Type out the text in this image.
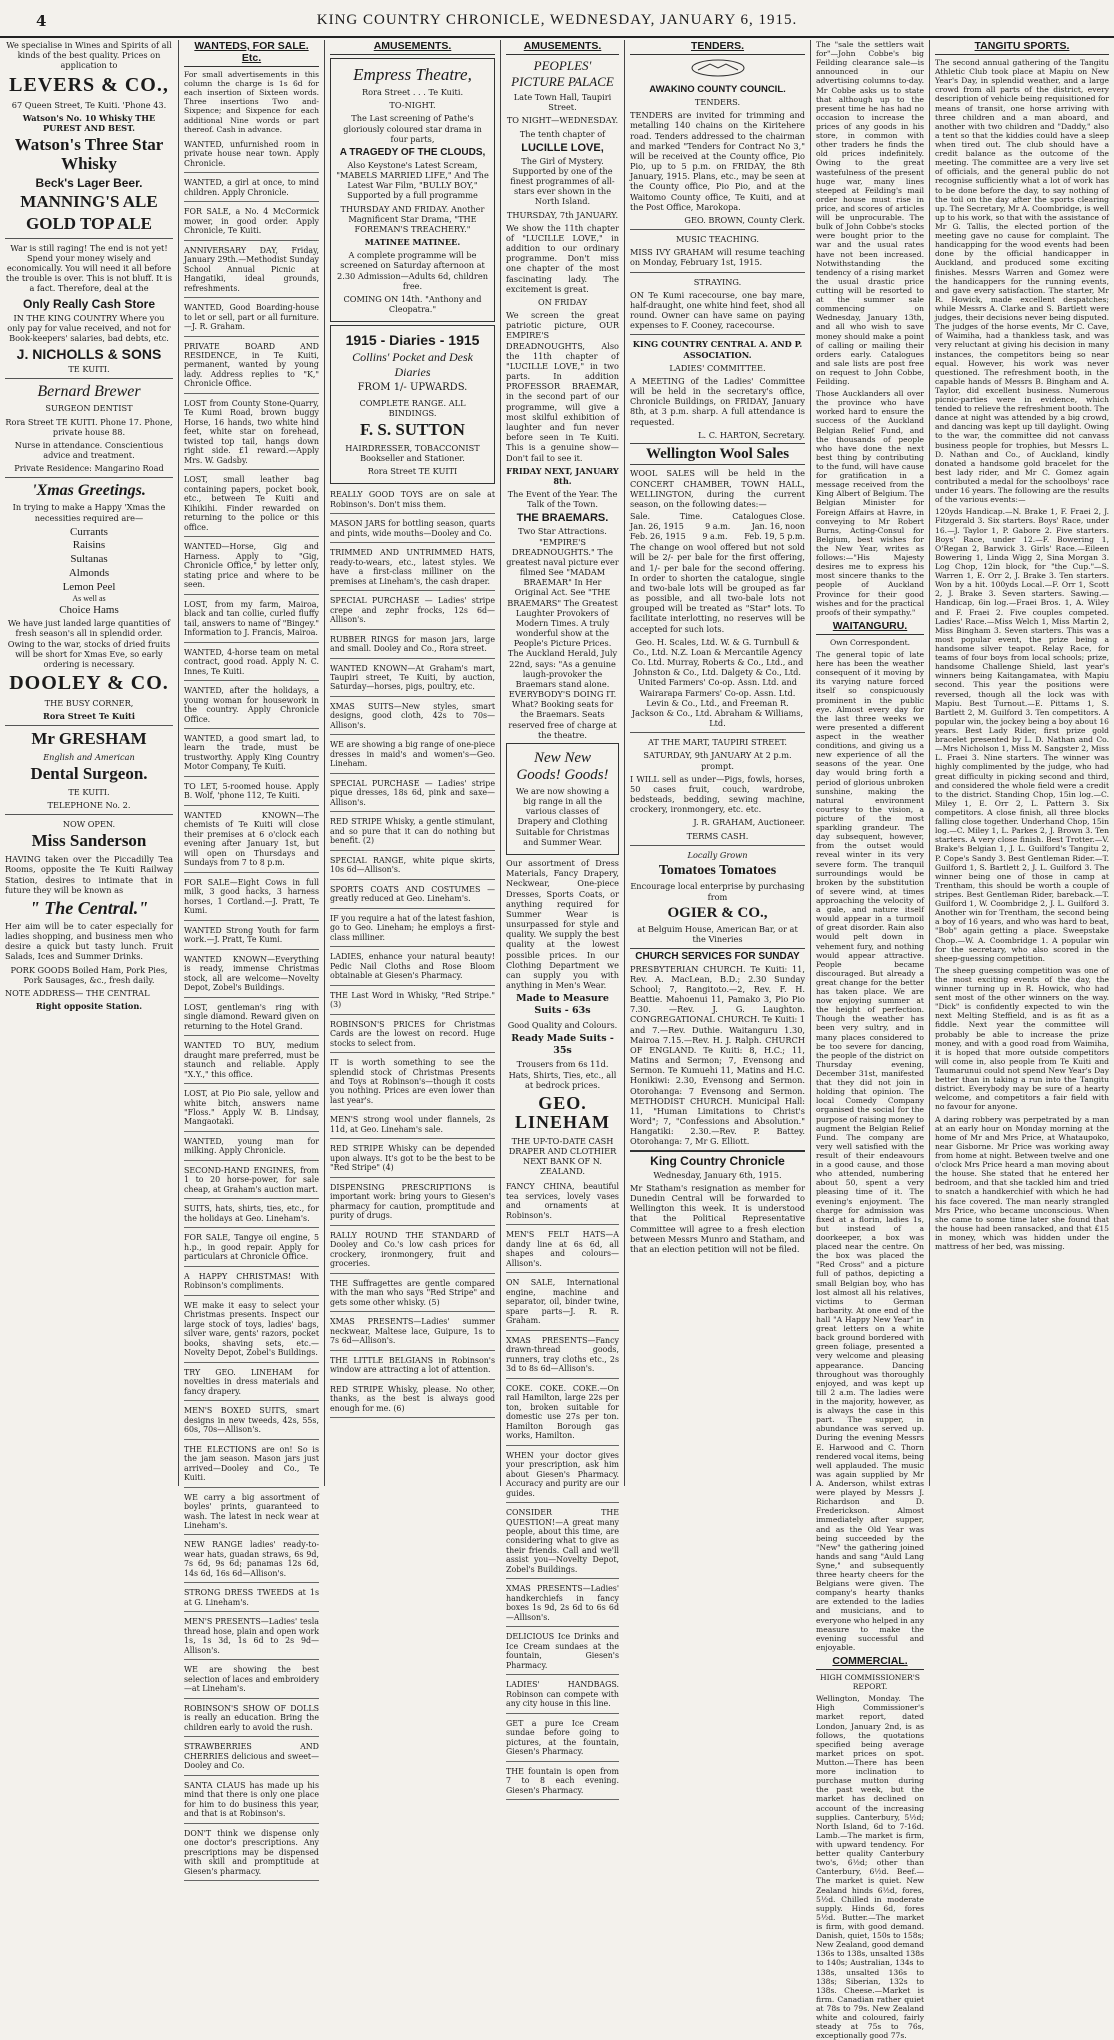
4	KING COUNTRY CHRONICLE, WEDNESDAY, JANUARY 6, 1915.

We specialise in Wines and Spirits of all kinds of the best quality. Prices on application to

LEVERS & CO.,

67 Queen Street, Te Kuiti. 'Phone 43.

Watson's No. 10 Whisky THE PUREST AND BEST.

Watson's Three Star Whisky
Beck's Lager Beer.
MANNING'S ALE
GOLD TOP ALE

War is still raging! The end is not yet! Spend your money wisely and economically. You will need it all before the trouble is over. This is not bluff. It is a fact. Therefore, deal at the

Only Really Cash Store

IN THE KING COUNTRY Where you only pay for value received, and not for Book-keepers' salaries, bad debts, etc.

J. NICHOLLS & SONS

TE KUITI.

Bernard Brewer

SURGEON DENTIST

Rora Street TE KUITI. Phone 17. Phone, private house 88.

Nurse in attendance. Conscientious advice and treatment.

Private Residence: Mangarino Road

'Xmas Greetings.

In trying to make a Happy 'Xmas the necessities required are—

Currants
Raisins
Sultanas
Almonds
Lemon Peel
As well as
Choice Hams

We have just landed large quantities of fresh season's all in splendid order. Owing to the war, stocks of dried fruits will be short for Xmas Eve, so early ordering is necessary.

DOOLEY & CO.

THE BUSY CORNER,

Rora Street Te Kuiti

Mr GRESHAM

English and American

Dental Surgeon.

TE KUITI.

TELEPHONE No. 2.

NOW OPEN.

Miss Sanderson

HAVING taken over the Piccadilly Tea Rooms, opposite the Te Kuiti Railway Station, desires to intimate that in future they will be known as

" The Central."

Her aim will be to cater especially for ladies shopping, and business men who desire a quick but tasty lunch. Fruit Salads, Ices and Summer Drinks.

PORK GOODS Boiled Ham, Pork Pies, Pork Sausages, &c., fresh daily.

NOTE ADDRESS— THE CENTRAL

Right opposite Station.

WANTEDS, FOR SALE. Etc.

For small advertisements in this column the charge is 1s 6d for each insertion of Sixteen words. Three insertions Two and-Sixpence; and Sixpence for each additional Nine words or part thereof. Cash in advance.

WANTED, unfurnished room in private house near town. Apply Chronicle.

WANTED, a girl at once, to mind children. Apply Chronicle.

FOR SALE, a No. 4 McCormick mower, in good order. Apply Chronicle, Te Kuiti.

ANNIVERSARY DAY, Friday, January 29th.—Methodist Sunday School Annual Picnic at Hangatiki, ideal grounds, refreshments.

WANTED, Good Boarding-house to let or sell, part or all furniture.—J. R. Graham.

PRIVATE BOARD AND RESIDENCE, in Te Kuiti, permanent, wanted by young lady. Address replies to "K," Chronicle Office.

LOST from County Stone-Quarry, Te Kumi Road, brown buggy Horse, 16 hands, two white hind feet, white star on forehead, twisted top tail, hangs down right side. £1 reward.—Apply Mrs. W. Gadsby.

LOST, small leather bag containing papers, pocket book, etc., between Te Kuiti and Kihikihi. Finder rewarded on returning to the police or this office.

WANTED—Horse, Gig and Harness. Apply to "Gig, Chronicle Office," by letter only, stating price and where to be seen.

LOST, from my farm, Mairoa, black and tan collie, curled fluffy tail, answers to name of "Bingey." Information to J. Francis, Mairoa.

WANTED, 4-horse team on metal contract, good road. Apply N. C. Innes, Te Kuiti.

WANTED, after the holidays, a young woman for housework in the country. Apply Chronicle Office.

WANTED, a good smart lad, to learn the trade, must be trustworthy. Apply King Country Motor Company, Te Kuiti.

TO LET, 5-roomed house. Apply B. Wolf, 'phone 112, Te Kuiti.

WANTED KNOWN—The chemists of Te Kuiti will close their premises at 6 o'clock each evening after January 1st, but will open on Thursdays and Sundays from 7 to 8 p.m.

FOR SALE—Eight Cows in full milk, 3 good hacks, 3 harness horses, 1 Cortland.—J. Pratt, Te Kumi.

WANTED Strong Youth for farm work.—J. Pratt, Te Kumi.

WANTED KNOWN—Everything is ready, immense Christmas stock, all are welcome—Novelty Depot, Zobel's Buildings.

LOST, gentleman's ring with single diamond. Reward given on returning to the Hotel Grand.

WANTED TO BUY, medium draught mare preferred, must be staunch and reliable. Apply "X.Y.," this office.

LOST, at Pio Pio sale, yellow and white bitch, answers name "Floss." Apply W. B. Lindsay, Mangaotaki.

WANTED, young man for milking. Apply Chronicle.

SECOND-HAND ENGINES, from 1 to 20 horse-power, for sale cheap, at Graham's auction mart.

SUITS, hats, shirts, ties, etc., for the holidays at Geo. Lineham's.

FOR SALE, Tangye oil engine, 5 h.p., in good repair. Apply for particulars at Chronicle Office.

A HAPPY CHRISTMAS! With Robinson's compliments.

WE make it easy to select your Christmas presents. Inspect our large stock of toys, ladies' bags, silver ware, gents' razors, pocket books, shaving sets, etc.—Novelty Depot, Zobel's Buildings.

TRY GEO. LINEHAM for novelties in dress materials and fancy drapery.

MEN'S BOXED SUITS, smart designs in new tweeds, 42s, 55s, 60s, 70s—Allison's.

THE ELECTIONS are on! So is the jam season. Mason jars just arrived—Dooley and Co., Te Kuiti.

WE carry a big assortment of boyles' prints, guaranteed to wash. The latest in neck wear at Lineham's.

NEW RANGE ladies' ready-to-wear hats, guadan straws, 6s 9d, 7s 6d, 9s 6d; panamas 12s 6d, 14s 6d, 16s 6d—Allison's.

STRONG DRESS TWEEDS at 1s at G. Lineham's.

MEN'S PRESENTS—Ladies' tesla thread hose, plain and open work 1s, 1s 3d, 1s 6d to 2s 9d—Allison's.

WE are showing the best selection of laces and embroidery—at Lineham's.

ROBINSON'S SHOW OF DOLLS is really an education. Bring the children early to avoid the rush.

STRAWBERRIES AND CHERRIES delicious and sweet—Dooley and Co.

SANTA CLAUS has made up his mind that there is only one place for him to do business this year, and that is at Robinson's.

DON'T think we dispense only one doctor's prescriptions. Any prescriptions may be dispensed with skill and promptitude at Giesen's pharmacy.

AMUSEMENTS.
Empress Theatre,

Rora Street . . . Te Kuiti.

TO-NIGHT.

The Last screening of Pathe's gloriously coloured star drama in four parts,

A TRAGEDY OF THE CLOUDS,

Also Keystone's Latest Scream, "MABELS MARRIED LIFE," And The Latest War Film, "BULLY BOY," Supported by a full programme

THURSDAY AND FRIDAY. Another Magnificent Star Drama, "THE FOREMAN'S TREACHERY."

MATINEE MATINEE.

A complete programme will be screened on Saturday afternoon at 2.30 Admission—Adults 6d, children free.

COMING ON 14th. "Anthony and Cleopatra."

1915 - Diaries - 1915
Collins' Pocket and Desk Diaries

FROM 1/- UPWARDS.

COMPLETE RANGE. ALL BINDINGS.

F. S. SUTTON

HAIRDRESSER, TOBACCONIST Bookseller and Stationer.

Rora Street TE KUITI

REALLY GOOD TOYS are on sale at Robinson's. Don't miss them.

MASON JARS for bottling season, quarts and pints, wide mouths—Dooley and Co.

TRIMMED AND UNTRIMMED HATS, ready-to-wears, etc., latest styles. We have a first-class milliner on the premises at Lineham's, the cash draper.

SPECIAL PURCHASE — Ladies' stripe crepe and zephr frocks, 12s 6d—Allison's.

RUBBER RINGS for mason jars, large and small. Dooley and Co., Rora street.

WANTED KNOWN—At Graham's mart, Taupiri street, Te Kuiti, by auction, Saturday—horses, pigs, poultry, etc.

XMAS SUITS—New styles, smart designs, good cloth, 42s to 70s—Allison's.

WE are showing a big range of one-piece dresses in maid's and women's—Geo. Lineham.

SPECIAL PURCHASE — Ladies' stripe pique dresses, 18s 6d, pink and saxe—Allison's.

RED STRIPE Whisky, a gentle stimulant, and so pure that it can do nothing but benefit. (2)

SPECIAL RANGE, white pique skirts, 10s 6d—Allison's.

SPORTS COATS AND COSTUMES —greatly reduced at Geo. Lineham's.

IF you require a hat of the latest fashion, go to Geo. Lineham; he employs a first-class milliner.

LADIES, enhance your natural beauty! Pedic Nail Cloths and Rose Bloom obtainable at Giesen's Pharmacy.

THE Last Word in Whisky, "Red Stripe." (3)

ROBINSON'S PRICES for Christmas Cards are the lowest on record. Huge stocks to select from.

IT is worth something to see the splendid stock of Christmas Presents and Toys at Robinson's—though it costs you nothing. Prices are even lower than last year's.

MEN'S strong wool under flannels, 2s 11d, at Geo. Lineham's sale.

RED STRIPE Whisky can be depended upon always. It's got to be the best to be "Red Stripe" (4)

DISPENSING PRESCRIPTIONS is important work: bring yours to Giesen's pharmacy for caution, promptitude and purity of drugs.

RALLY ROUND THE STANDARD of Dooley and Co.'s low cash prices for crockery, ironmongery, fruit and groceries.

THE Suffragettes are gentle compared with the man who says "Red Stripe" and gets some other whisky. (5)

XMAS PRESENTS—Ladies' summer neckwear, Maltese lace, Guipure, 1s to 7s 6d—Allison's.

THE LITTLE BELGIANS in Robinson's window are attracting a lot of attention.

RED STRIPE Whisky, please. No other, thanks, as the best is always good enough for me. (6)

AMUSEMENTS.
PEOPLES' PICTURE PALACE

Late Town Hall, Taupiri Street.

TO NIGHT—WEDNESDAY.

The tenth chapter of

LUCILLE LOVE,

The Girl of Mystery. Supported by one of the finest programmes of all-stars ever shown in the North Island.

THURSDAY, 7th JANUARY.

We show the 11th chapter of "LUCILLE LOVE," in addition to our ordinary programme. Don't miss one chapter of the most fascinating lady. The excitement is great.

ON FRIDAY

We screen the great patriotic picture, OUR EMPIRE'S DREADNOUGHTS, Also the 11th chapter of "LUCILLE LOVE," in two parts. In addition PROFESSOR BRAEMAR, in the second part of our programme, will give a most skilful exhibition of laughter and fun never before seen in Te Kuiti. This is a genuine show—Don't fail to see it.

FRIDAY NEXT, JANUARY 8th.

The Event of the Year. The Talk of the Town.

THE BRAEMARS.

Two Star Attractions. "EMPIRE'S DREADNOUGHTS." The greatest naval picture ever filmed See "MADAM BRAEMAR" In Her Original Act. See "THE BRAEMARS" The Greatest Laughter Provokers of Modern Times. A truly wonderful show at the People's Picture Prices. The Auckland Herald, July 22nd, says: "As a genuine laugh-provoker the Braemars stand alone. EVERYBODY'S DOING IT. What? Booking seats for the Braemars. Seats reserved free of charge at the theatre.

New New Goods! Goods!

We are now showing a big range in all the various classes of Drapery and Clothing Suitable for Christmas and Summer Wear.

Our assortment of Dress Materials, Fancy Drapery, Neckwear, One-piece Dresses, Sports Coats, or anything required for Summer Wear is unsurpassed for style and quality. We supply the best quality at the lowest possible prices. In our Clothing Department we can supply you with anything in Men's Wear.

Made to Measure Suits - 63s

Good Quality and Colours.

Ready Made Suits - 35s

Trousers from 6s 11d. Hats, Shirts, Ties, etc., all at bedrock prices.

GEO. LINEHAM

THE UP-TO-DATE CASH DRAPER AND CLOTHIER NEXT BANK OF N. ZEALAND.

FANCY CHINA, beautiful tea services, lovely vases and ornaments at Robinson's.

MEN'S FELT HATS—A dandy line at 6s 6d, all shapes and colours—Allison's.

ON SALE, International engine, machine and separator, oil, binder twine, spare parts—J. R. R. Graham.

XMAS PRESENTS—Fancy drawn-thread goods, runners, tray cloths etc., 2s 3d to 8s 6d—Allison's.

COKE. COKE. COKE.—On rail Hamilton, large 22s per ton, broken suitable for domestic use 27s per ton. Hamilton Borough gas works, Hamilton.

WHEN your doctor gives your prescription, ask him about Giesen's Pharmacy. Accuracy and purity are our guides.

CONSIDER THE QUESTION!—A great many people, about this time, are considering what to give as their friends. Call and we'll assist you—Novelty Depot, Zobel's Buildings.

XMAS PRESENTS—Ladies' handkerchiefs in fancy boxes 1s 9d, 2s 6d to 6s 6d—Allison's.

DELICIOUS Ice Drinks and Ice Cream sundaes at the fountain, Giesen's Pharmacy.

LADIES' HANDBAGS. Robinson can compete with any city house in this line.

GET a pure Ice Cream sundae before going to pictures, at the fountain, Giesen's Pharmacy.

THE fountain is open from 7 to 8 each evening. Giesen's Pharmacy.

TENDERS.
AWAKINO COUNTY COUNCIL.

TENDERS.

TENDERS are invited for trimming and metalling 140 chains on the Kiritehere road. Tenders addressed to the chairman and marked "Tenders for Contract No 3," will be received at the County office, Pio Pio, up to 5 p.m. on FRIDAY, the 8th January, 1915. Plans, etc., may be seen at the County office, Pio Pio, and at the Waitomo County office, Te Kuiti, and at the Post Office, Marokopa.

GEO. BROWN, County Clerk.

MUSIC TEACHING.

MISS IVY GRAHAM will resume teaching on Monday, February 1st, 1915.

STRAYING.

ON Te Kumi racecourse, one bay mare, half-draught, one white hind feet, shod all round. Owner can have same on paying expenses to F. Cooney, racecourse.

KING COUNTRY CENTRAL A. AND P. ASSOCIATION.

LADIES' COMMITTEE.

A MEETING of the Ladies' Committee will be held in the secretary's office, Chronicle Buildings, on FRIDAY, January 8th, at 3 p.m. sharp. A full attendance is requested.

L. C. HARTON, Secretary.

Wellington Wool Sales

WOOL SALES will be held in the CONCERT CHAMBER, TOWN HALL, WELLINGTON, during the current season, on the following dates:—

Sale.	Time.	Catalogues Close.
Jan. 26, 1915	9 a.m.	Jan. 16, noon
Feb. 26, 1915 9 a.m. Feb. 19, 5 p.m.

The change on wool offered but not sold will be 2/- per bale for the first offering, and 1/- per bale for the second offering. In order to shorten the catalogue, single and two-bale lots will be grouped as far as possible, and all two-bale lots not grouped will be treated as "Star" lots. To facilitate interlotting, no reserves will be accepted for such lots.

Geo. H. Scales, Ltd. W. & G. Turnbull & Co., Ltd. N.Z. Loan & Mercantile Agency Co. Ltd. Murray, Roberts & Co., Ltd., and Johnston & Co., Ltd. Dalgety & Co., Ltd. United Farmers' Co-op. Assn. Ltd. and Wairarapa Farmers' Co-op. Assn. Ltd. Levin & Co., Ltd., and Freeman R. Jackson & Co., Ltd. Abraham & Williams, Ltd.

AT THE MART, TAUPIRI STREET.

SATURDAY, 9th JANUARY At 2 p.m. prompt.

I WILL sell as under—Pigs, fowls, horses, 50 cases fruit, couch, wardrobe, bedsteads, bedding, sewing machine, crockery, ironmongery, etc. etc.

J. R. GRAHAM, Auctioneer.

TERMS CASH.

Locally Grown

Tomatoes Tomatoes

Encourage local enterprise by purchasing from

OGIER & CO.,

at Belguim House, American Bar, or at the Vineries

CHURCH SERVICES FOR SUNDAY

PRESBYTERIAN CHURCH. Te Kuiti: 11, Rev. A. MacLean, B.D.; 2.30 Sunday School; 7, Rangitoto.—2, Rev. F. H. Beattie. Mahoenui 11, Pamako 3, Pio Pio 7.30. —Rev. J. G. Laughton. CONGREGATIONAL CHURCH. Te Kuiti: 1 and 7.—Rev. Duthie. Waitanguru 1.30, Mairoa 7.15.—Rev. H. J. Ralph. CHURCH OF ENGLAND. Te Kuiti: 8, H.C.; 11, Matins and Sermon; 7, Evensong and Sermon. Te Kumuehi 11, Matins and H.C. Honikiwi: 2.30, Evensong and Sermon. Otorohanga: 7 Evensong and Sermon. METHODIST CHURCH. Municipal Hall: 11, "Human Limitations to Christ's Word"; 7, "Confessions and Absolution." Hangatiki: 2.30.—Rev. P. Battey. Otorohanga: 7, Mr G. Elliott.

King Country Chronicle

Wednesday, January 6th, 1915.

Mr Statham's resignation as member for Dunedin Central will be forwarded to Wellington this week. It is understood that the Political Representative Committee will agree to a fresh election between Messrs Munro and Statham, and that an election petition will not be filed.

The "sale the settlers wait for"—John Cobbe's big Feilding clearance sale—is announced in our advertising columns to-day. Mr Cobbe asks us to state that although up to the present time he has had no occasion to increase the prices of any goods in his store, in common with other traders he finds the old prices indefinitely. Owing to the great wastefulness of the present huge war, many lines steeped at Feilding's mail order house must rise in price, and scores of articles will be unprocurable. The bulk of John Cobbe's stocks were bought prior to the war and the usual rates have not been increased. Notwithstanding the tendency of a rising market the usual drastic price cutting will be resorted to at the summer sale commencing on Wednesday, January 13th, and all who wish to save money should make a point of calling or mailing their orders early. Catalogues and sale lists are post free on request to John Cobbe, Feilding.

Those Aucklanders all over the province who have worked hard to ensure the success of the Auckland Belgian Relief Fund, and the thousands of people who have done the next best thing by contributing to the fund, will have cause for gratification in a message received from the King Albert of Belgium. The Belgian Minister for Foreign Affairs at Havre, in conveying to Mr Robert Burns, Acting-Consul for Belgium, best wishes for the New Year, writes as follows:—"His Majesty desires me to express his most sincere thanks to the people of Auckland Province for their good wishes and for the practical proofs of their sympathy."

WAITANGURU.

Own Correspondent.

The general topic of late here has been the weather consequent of it moving by its varying nature forced itself so conspicuously prominent in the public eye. Almost every day for the last three weeks we were presented a different aspect in the weather conditions, and giving us a new experience of all the seasons of the year. One day would bring forth a period of glorious unbroken sunshine, making the natural environment courtesy to the vision, a picture of the most sparkling grandeur. The day subsequent, however, from the outset would reveal winter in its very severe form. The tranquil surroundings would be broken by the substitution of severe wind, at times approaching the velocity of a gale, and nature itself would appear in a turmoil of great disorder. Rain also would pelt down in vehement fury, and nothing would appear attractive. People became discouraged. But already a great change for the better has taken place. We are now enjoying summer at the height of perfection. Though the weather has been very sultry, and in many places considered to be too severe for dancing, the people of the district on Thursday evening, December 31st, manifested that they did not join in holding that opinion. The local Comedy Company organised the social for the purpose of raising money to augment the Belgian Relief Fund. The company are very well satisfied with the result of their endeavours in a good cause, and those who attended, numbering about 50, spent a very pleasing time of it. The evening's enjoyment. The charge for admission was fixed at a florin, ladies 1s, but instead of a doorkeeper, a box was placed near the centre. On the box was placed the "Red Cross" and a picture full of pathos, depicting a small Belgian boy, who has lost almost all his relatives, victims to German barbarity. At one end of the hall "A Happy New Year" in great letters on a white back ground bordered with green foliage, presented a very welcome and pleasing appearance. Dancing throughout was thoroughly enjoyed, and was kept up till 2 a.m. The ladies were in the majority, however, as is always the case in this part. The supper, in abundance was served up. During the evening Messrs E. Harwood and C. Thorn rendered vocal items, being well applauded. The music was again supplied by Mr A. Anderson, whilst extras were played by Messrs J. Richardson and D. Frederickson. Almost immediately after supper, and as the Old Year was being succeeded by the "New" the gathering joined hands and sang "Auld Lang Syne," and subsequently three hearty cheers for the Belgians were given. The company's hearty thanks are extended to the ladies and musicians, and to everyone who helped in any measure to make the evening successful and enjoyable.

COMMERCIAL.

HIGH COMMISSIONER'S REPORT.

Wellington, Monday. The High Commissioner's market report, dated London, January 2nd, is as follows, the quotations specified being average market prices on spot. Mutton.—There has been more inclination to purchase mutton during the past week, but the market has declined on account of the increasing supplies. Canterbury, 5½d; North Island, 6d to 7-16d. Lamb.—The market is firm, with upward tendency. For better quality Canterbury two's, 6½d; other than Canterbury, 6½d. Beef.—The market is quiet. New Zealand hinds 6½d, fores, 5½d. Chilled in moderate supply. Hinds 6d, fores 5½d. Butter.—The market is firm, with good demand. Danish, quiet, 150s to 158s; New Zealand, good demand 136s to 138s, unsalted 138s to 140s; Australian, 134s to 138s, unsalted 136s to 138s; Siberian, 132s to 138s. Cheese.—Market is firm. Canadian rather quiet at 78s to 79s. New Zealand white and coloured, fairly steady at 75s to 76s, exceptionally good 77s.

TANGITU SPORTS.

The second annual gathering of the Tangitu Athletic Club took place at Mapiu on New Year's Day, in splendid weather, and a large crowd from all parts of the district, every description of vehicle being requisitioned for means of transit, one horse arriving with three children and a man aboard, and another with two children and "Daddy," also a tent so that the kiddies could have a sleep when tired out. The club should have a credit balance as the outcome of the meeting. The committee are a very live set of officials, and the general public do not recognise sufficiently what a lot of work has to be done before the day, to say nothing of the toil on the day after the sports clearing up. The Secretary, Mr A. Coombridge, is well up to his work, so that with the assistance of Mr G. Tallis, the elected portion of the meeting gave no cause for complaint. The handicapping for the wood events had been done by the official handicapper in Auckland, and produced some exciting finishes. Messrs Warren and Gomez were the handicappers for the running events, and gave every satisfaction. The starter, Mr R. Howick, made excellent despatches; while Messrs A. Clarke and S. Bartlett were judges, their decisions never being disputed. The judges of the horse events, Mr C. Cave, of Waimiha, had a thankless task, and was very reluctant at giving his decision in many instances, the competitors being so near equal. However, his work was never questioned. The refreshment booth, in the capable hands of Messrs B. Bingham and A. Taylor, did excellent business. Numerous picnic-parties were in evidence, which tended to relieve the refreshment booth. The dance at night was attended by a big crowd, and dancing was kept up till daylight. Owing to the war, the committee did not canvass business people for trophies, but Messrs L. D. Nathan and Co., of Auckland, kindly donated a handsome gold bracelet for the best lady rider, and Mr C. Gomez again contributed a medal for the schoolboys' race under 16 years. The following are the results of the various events:—

120yds Handicap.—N. Brake 1, F. Fraei 2, J. Fitzgerald 3. Six starters. Boys' Race, under 16.—J. Taylor 1, P. Gabore 2. Five starters. Boys' Race, under 12.—F. Bowering 1, O'Regan 2, Barwick 3. Girls' Race.—Eileen Bowering 1, Linda Wigg 2, Sina Morgan 3. Log Chop, 12in block, for "the Cup."—S. Warren 1, E. Orr 2, J. Brake 3. Ten starters. Won by a hit. 100yds Local.—F. Orr 1, Scott 2, J. Brake 3. Seven starters. Sawing.—Handicap, 6in log.—Fraei Bros. 1, A. Wiley and F. Fraei 2. Five couples competed. Ladies' Race.—Miss Welch 1, Miss Martin 2, Miss Bingham 3. Seven starters. This was a most popular event, the prize being a handsome silver teapot. Relay Race, for teams of four boys from local schools; prize, handsome Challenge Shield, last year's winners being Kaitangamatea, with Mapiu second. This year the positions were reversed, though all the lock was with Mapiu. Best Turnout.—E. Pittams 1, S. Bartlett 2, M. Guilford 3. Ten competitors. A popular win, the jockey being a boy about 16 years. Best Lady Rider, first prize gold bracelet presented by L. D. Nathan and Co.—Mrs Nicholson 1, Miss M. Sangster 2, Miss L. Fraei 3. Nine starters. The winner was highly complimented by the judge, who had great difficulty in picking second and third, and considered the whole field were a credit to the district. Standing Chop, 15in log.—C. Miley 1, E. Orr 2, L. Pattern 3. Six competitors. A close finish, all three blocks falling close together. Underhand Chop, 15in log.—C. Miley 1, L. Parkes 2, J. Brown 3. Ten starters. A very close finish. Best Trotter.—V. Brake's Belgian 1, J. L. Guilford's Tangitu 2, P. Cope's Sandy 3. Best Gentleman Rider.—T. Guilford 1, S. Bartlett 2, J. L. Guilford 3. The winner being one of those in camp at Trentham, this should be worth a couple of stripes. Best Gentleman Rider, bareback.—T. Guilford 1, W. Coombridge 2, J. L. Guilford 3. Another win for Trentham, the second being a boy of 16 years, and who was hard to beat, "Bob" again getting a place. Sweepstake Chop.—W. A. Coombridge 1. A popular win for the secretary, who also scored in the sheep-guessing competition.

The sheep guessing competition was one of the most exciting events of the day, the winner turning up in R. Howick, who had sent most of the other winners on the way. "Dick" is confidently expected to win the next Melting Steffield, and is as fit as a fiddle. Next year the committee will probably be able to increase the prize money, and with a good road from Waimiha, it is hoped that more outside competitors will come in, also people from Te Kuiti and Taumarunui could not spend New Year's Day better than in taking a run into the Tangitu district. Everybody may be sure of a hearty welcome, and competitors a fair field with no favour for anyone.

A daring robbery was perpetrated by a man at an early hour on Monday morning at the home of Mr and Mrs Price, at Whataupoko, near Gisborne. Mr Price was working away from home at night. Between twelve and one o'clock Mrs Price heard a man moving about the house. She stated that he entered her bedroom, and that she tackled him and tried to snatch a handkerchief with which he had his face covered. The man nearly strangled Mrs Price, who became unconscious. When she came to some time later she found that the house had been ransacked, and that £15 in money, which was hidden under the mattress of her bed, was missing.
